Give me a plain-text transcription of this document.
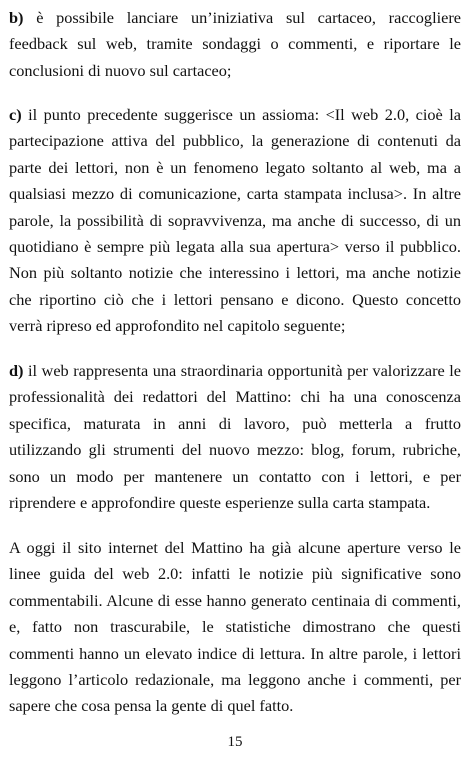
b) è possibile lanciare un’iniziativa sul cartaceo, raccogliere feedback sul web, tramite sondaggi o commenti, e riportare le conclusioni di nuovo sul cartaceo;

c) il punto precedente suggerisce un assioma: <Il web 2.0, cioè la partecipazione attiva del pubblico, la generazione di contenuti da parte dei lettori, non è un fenomeno legato soltanto al web, ma a qualsiasi mezzo di comunicazione, carta stampata inclusa>. In altre parole, la possibilità di sopravvivenza, ma anche di successo, di un quotidiano è sempre più legata alla sua apertura> verso il pubblico. Non più soltanto notizie che interessino i lettori, ma anche notizie che riportino ciò che i lettori pensano e dicono. Questo concetto verrà ripreso ed approfondito nel capitolo seguente;

d) il web rappresenta una straordinaria opportunità per valorizzare le professionalità dei redattori del Mattino: chi ha una conoscenza specifica, maturata in anni di lavoro, può metterla a frutto utilizzando gli strumenti del nuovo mezzo: blog, forum, rubriche, sono un modo per mantenere un contatto con i lettori, e per riprendere e approfondire queste esperienze sulla carta stampata.

A oggi il sito internet del Mattino ha già alcune aperture verso le linee guida del web 2.0: infatti le notizie più significative sono commentabili. Alcune di esse hanno generato centinaia di commenti, e, fatto non trascurabile, le statistiche dimostrano che questi commenti hanno un elevato indice di lettura. In altre parole, i lettori leggono l’articolo redazionale, ma leggono anche i commenti, per sapere che cosa pensa la gente di quel fatto.

15
